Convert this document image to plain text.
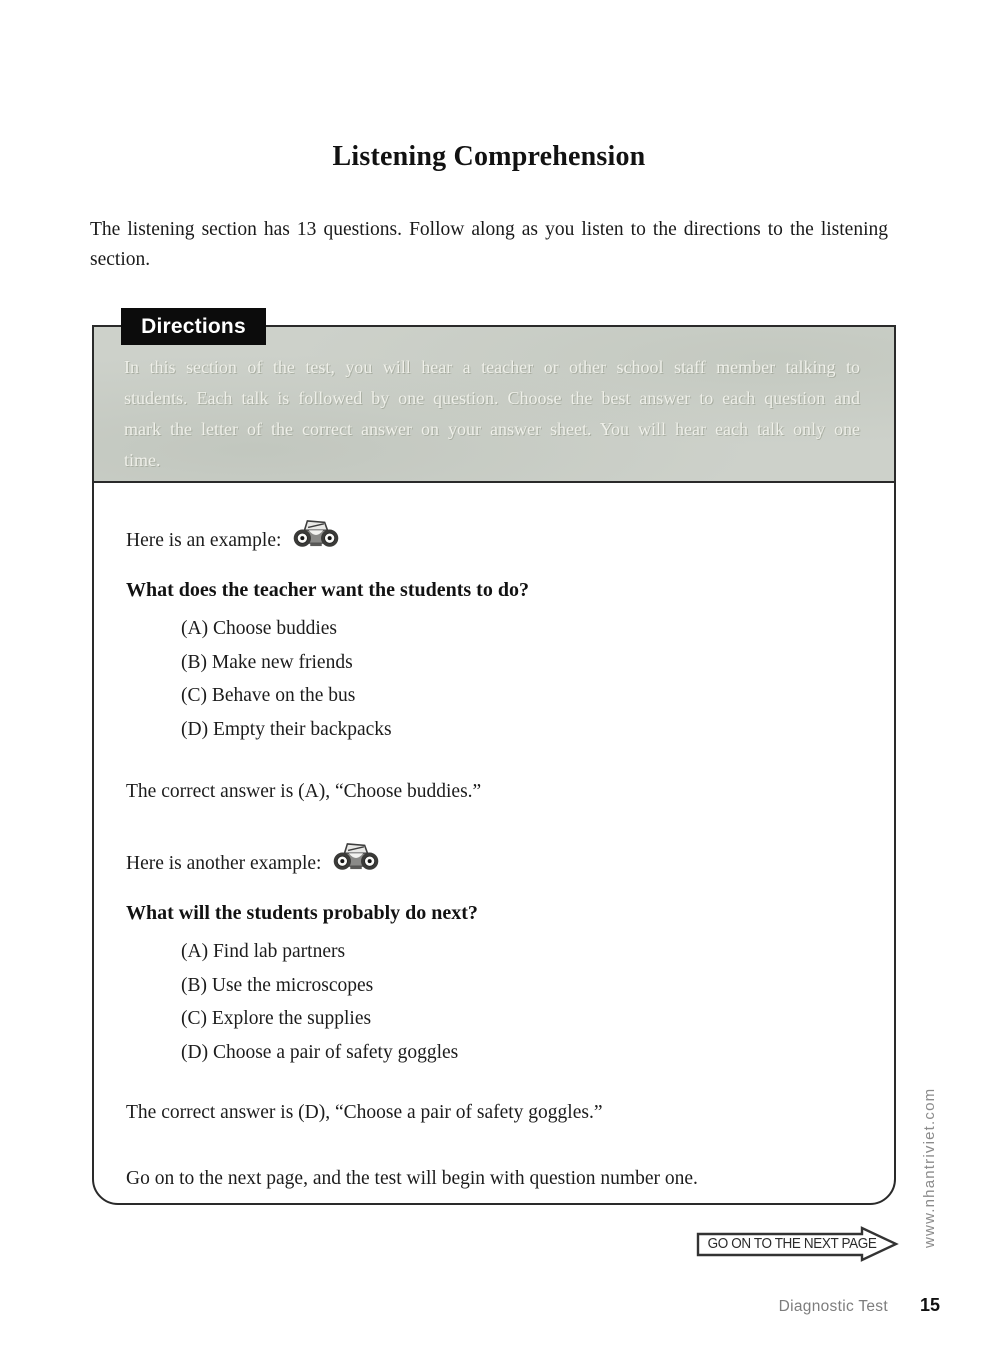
Listening Comprehension

The listening section has 13 questions. Follow along as you listen to the directions to the listening section.

Directions
In this section of the test, you will hear a teacher or other school staff member talking to students. Each talk is followed by one question. Choose the best answer to each question and mark the letter of the correct answer on your answer sheet. You will hear each talk only one time.
Here is an example:
What does the teacher want the students to do?
(A) Choose buddies
(B) Make new friends
(C) Behave on the bus
(D) Empty their backpacks
The correct answer is (A), “Choose buddies.”
Here is another example:
What will the students probably do next?
(A) Find lab partners
(B) Use the microscopes
(C) Explore the supplies
(D) Choose a pair of safety goggles
The correct answer is (D), “Choose a pair of safety goggles.”
Go on to the next page, and the test will begin with question number one.
GO ON TO THE NEXT PAGE	www.nhantriviet.com
Diagnostic Test 15
